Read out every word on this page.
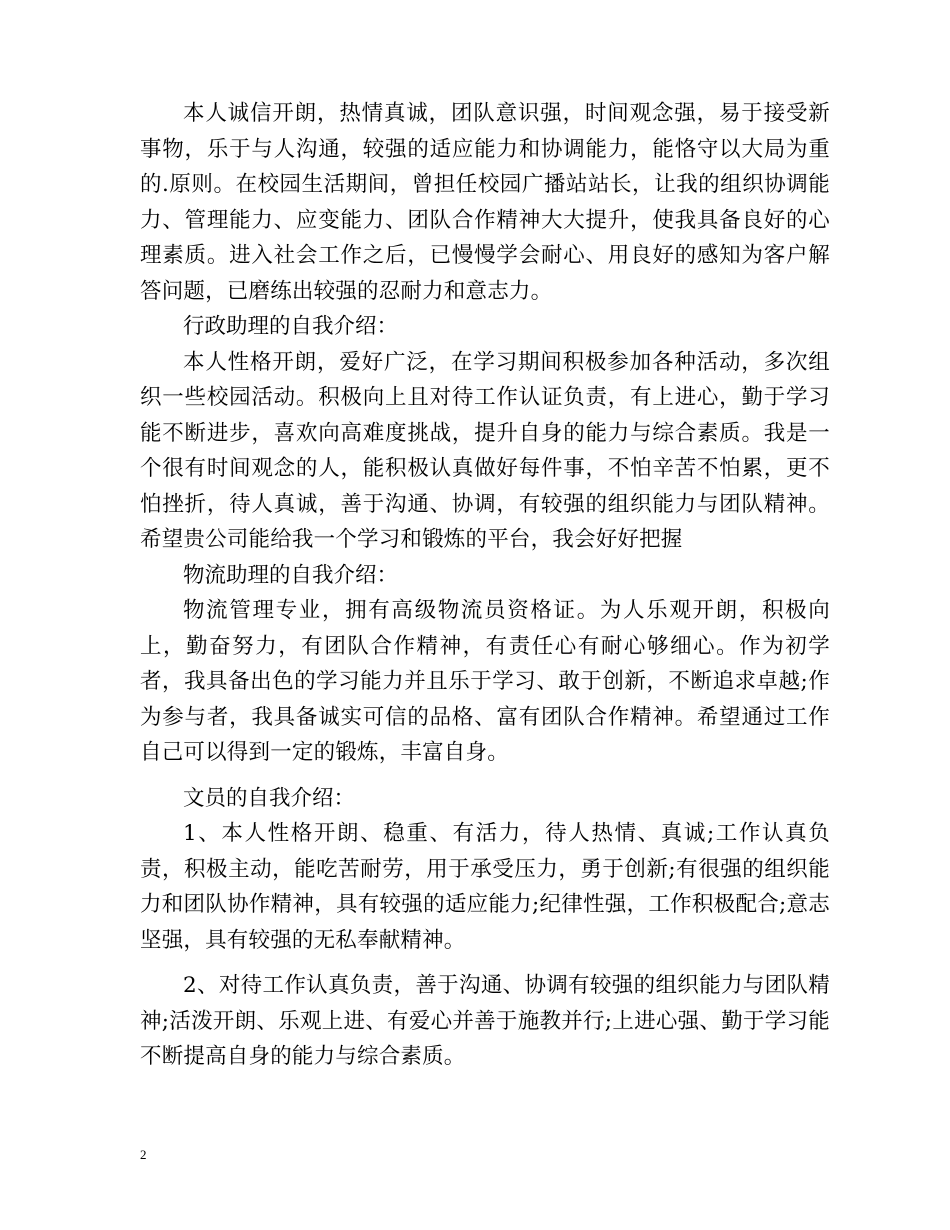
本人诚信开朗，热情真诚，团队意识强，时间观念强，易于接受新事物，乐于与人沟通，较强的适应能力和协调能力，能恪守以大局为重的.原则。在校园生活期间，曾担任校园广播站站长，让我的组织协调能力、管理能力、应变能力、团队合作精神大大提升，使我具备良好的心理素质。进入社会工作之后，已慢慢学会耐心、用良好的感知为客户解答问题，已磨练出较强的忍耐力和意志力。

行政助理的自我介绍：

本人性格开朗，爱好广泛，在学习期间积极参加各种活动，多次组织一些校园活动。积极向上且对待工作认证负责，有上进心，勤于学习能不断进步，喜欢向高难度挑战，提升自身的能力与综合素质。我是一个很有时间观念的人，能积极认真做好每件事，不怕辛苦不怕累，更不怕挫折，待人真诚，善于沟通、协调，有较强的组织能力与团队精神。希望贵公司能给我一个学习和锻炼的平台，我会好好把握

物流助理的自我介绍：

物流管理专业，拥有高级物流员资格证。为人乐观开朗，积极向上，勤奋努力，有团队合作精神，有责任心有耐心够细心。作为初学者，我具备出色的学习能力并且乐于学习、敢于创新，不断追求卓越;作为参与者，我具备诚实可信的品格、富有团队合作精神。希望通过工作自己可以得到一定的锻炼，丰富自身。

文员的自我介绍：

1、本人性格开朗、稳重、有活力，待人热情、真诚;工作认真负责，积极主动，能吃苦耐劳，用于承受压力，勇于创新;有很强的组织能力和团队协作精神，具有较强的适应能力;纪律性强，工作积极配合;意志坚强，具有较强的无私奉献精神。

2、对待工作认真负责，善于沟通、协调有较强的组织能力与团队精神;活泼开朗、乐观上进、有爱心并善于施教并行;上进心强、勤于学习能不断提高自身的能力与综合素质。

2
